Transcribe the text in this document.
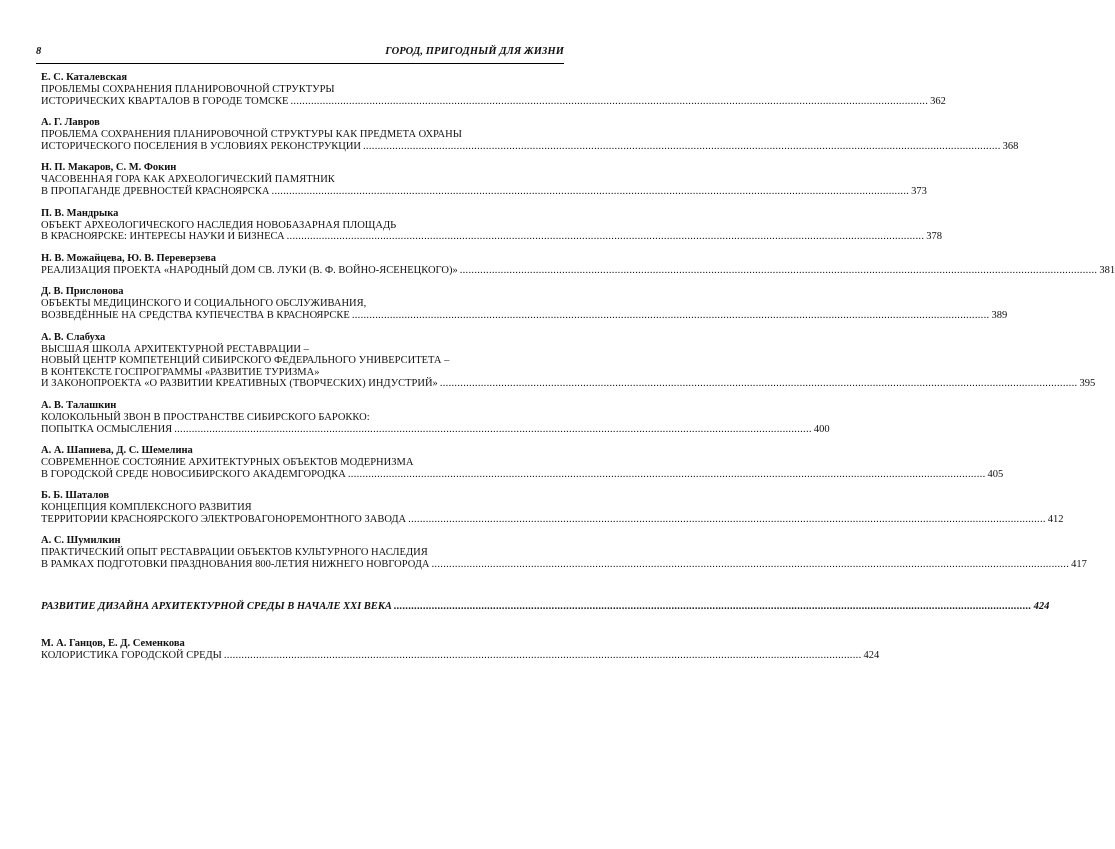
8	ГОРОД, ПРИГОДНЫЙ ДЛЯ ЖИЗНИ
Е. С. Каталевская
ПРОБЛЕМЫ СОХРАНЕНИЯ ПЛАНИРОВОЧНОЙ СТРУКТУРЫ
ИСТОРИЧЕСКИХ КВАРТАЛОВ В ГОРОДЕ ТОМСКЕ .......................................................................................................................................................................................................................... 362
А. Г. Лавров
ПРОБЛЕМА СОХРАНЕНИЯ ПЛАНИРОВОЧНОЙ СТРУКТУРЫ КАК ПРЕДМЕТА ОХРАНЫ
ИСТОРИЧЕСКОГО ПОСЕЛЕНИЯ В УСЛОВИЯХ РЕКОНСТРУКЦИИ .......................................................................................................................................................................................................................... 368
Н. П. Макаров, С. М. Фокин
ЧАСОВЕННАЯ ГОРА КАК АРХЕОЛОГИЧЕСКИЙ ПАМЯТНИК
В ПРОПАГАНДЕ ДРЕВНОСТЕЙ КРАСНОЯРСКА .......................................................................................................................................................................................................................... 373
П. В. Мандрыка
ОБЪЕКТ АРХЕОЛОГИЧЕСКОГО НАСЛЕДИЯ НОВОБАЗАРНАЯ ПЛОЩАДЬ
В КРАСНОЯРСКЕ: ИНТЕРЕСЫ НАУКИ И БИЗНЕСА .......................................................................................................................................................................................................................... 378
Н. В. Можайцева, Ю. В. Переверзева
РЕАЛИЗАЦИЯ ПРОЕКТА «НАРОДНЫЙ ДОМ СВ. ЛУКИ (В. Ф. ВОЙНО-ЯСЕНЕЦКОГО)» .......................................................................................................................................................................................................................... 381
Д. В. Прислонова
ОБЪЕКТЫ МЕДИЦИНСКОГО И СОЦИАЛЬНОГО ОБСЛУЖИВАНИЯ,
ВОЗВЕДЁННЫЕ НА СРЕДСТВА КУПЕЧЕСТВА В КРАСНОЯРСКЕ .......................................................................................................................................................................................................................... 389
А. В. Слабуха
ВЫСШАЯ ШКОЛА АРХИТЕКТУРНОЙ РЕСТАВРАЦИИ –
НОВЫЙ ЦЕНТР КОМПЕТЕНЦИЙ СИБИРСКОГО ФЕДЕРАЛЬНОГО УНИВЕРСИТЕТА –
В КОНТЕКСТЕ ГОСПРОГРАММЫ «РАЗВИТИЕ ТУРИЗМА»
И ЗАКОНОПРОЕКТА «О РАЗВИТИИ КРЕАТИВНЫХ (ТВОРЧЕСКИХ) ИНДУСТРИЙ» .......................................................................................................................................................................................................................... 395
А. В. Талашкин
КОЛОКОЛЬНЫЙ ЗВОН В ПРОСТРАНСТВЕ СИБИРСКОГО БАРОККО:
ПОПЫТКА ОСМЫСЛЕНИЯ .......................................................................................................................................................................................................................... 400
А. А. Шапиева, Д. С. Шемелина
СОВРЕМЕННОЕ СОСТОЯНИЕ АРХИТЕКТУРНЫХ ОБЪЕКТОВ МОДЕРНИЗМА
В ГОРОДСКОЙ СРЕДЕ НОВОСИБИРСКОГО АКАДЕМГОРОДКА .......................................................................................................................................................................................................................... 405
Б. Б. Шаталов
КОНЦЕПЦИЯ КОМПЛЕКСНОГО РАЗВИТИЯ
ТЕРРИТОРИИ КРАСНОЯРСКОГО ЭЛЕКТРОВАГОНОРЕМОНТНОГО ЗАВОДА .......................................................................................................................................................................................................................... 412
А. С. Шумилкин
ПРАКТИЧЕСКИЙ ОПЫТ РЕСТАВРАЦИИ ОБЪЕКТОВ КУЛЬТУРНОГО НАСЛЕДИЯ
В РАМКАХ ПОДГОТОВКИ ПРАЗДНОВАНИЯ 800-ЛЕТИЯ НИЖНЕГО НОВГОРОДА .......................................................................................................................................................................................................................... 417
РАЗВИТИЕ ДИЗАЙНА АРХИТЕКТУРНОЙ СРЕДЫ В НАЧАЛЕ XXI ВЕКА .......................................................................................................................................................................................................................... 424
М. А. Ганцов, Е. Д. Семенкова
КОЛОРИСТИКА ГОРОДСКОЙ СРЕДЫ .......................................................................................................................................................................................................................... 424
